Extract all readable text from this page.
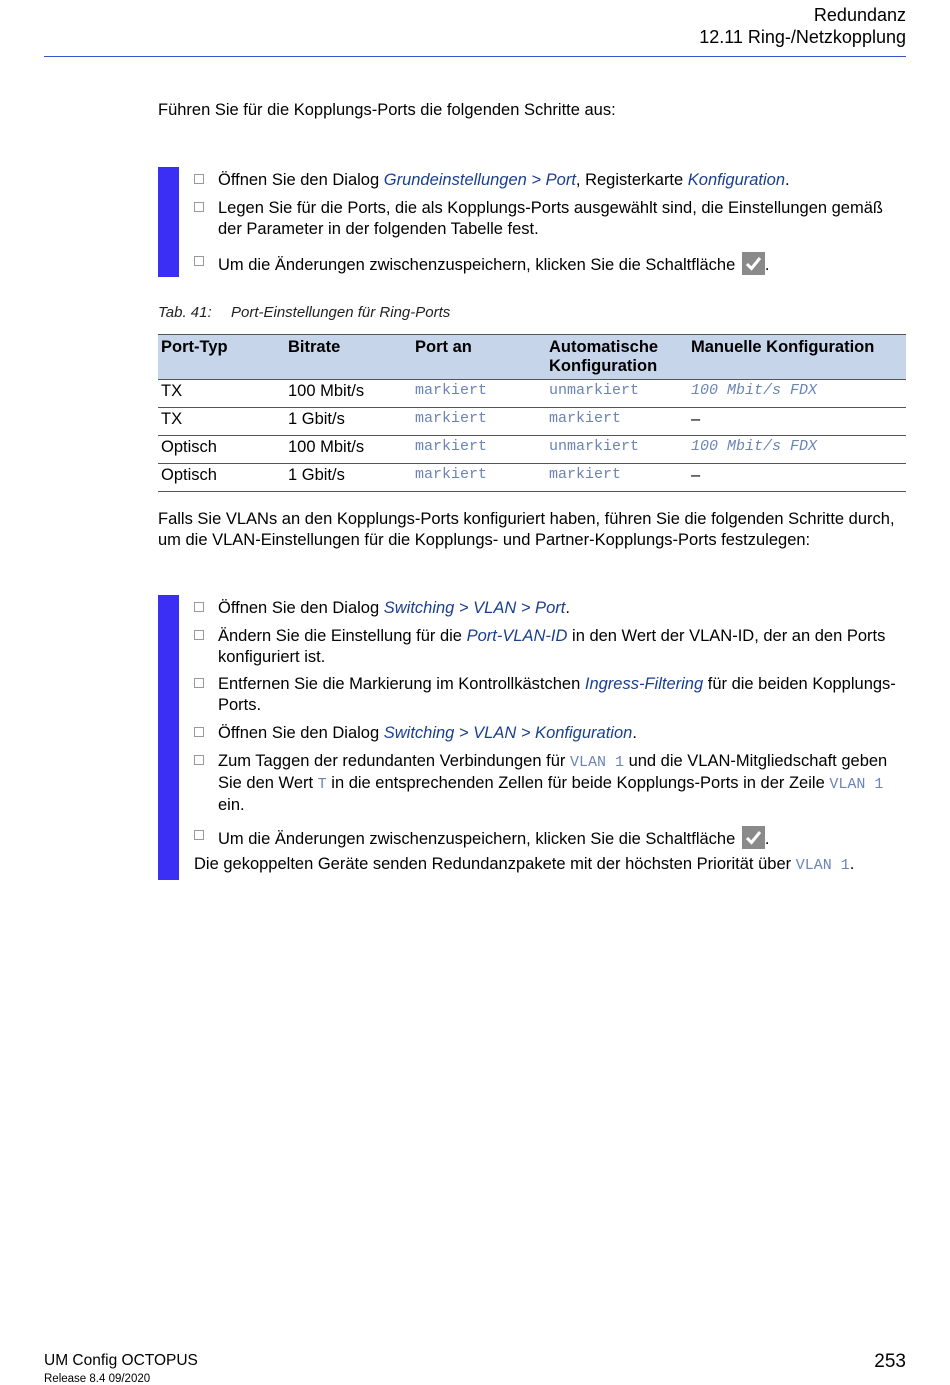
Redundanz
12.11 Ring-/Netzkopplung
Führen Sie für die Kopplungs-Ports die folgenden Schritte aus:
Öffnen Sie den Dialog Grundeinstellungen > Port, Registerkarte Konfiguration.
Legen Sie für die Ports, die als Kopplungs-Ports ausgewählt sind, die Einstellungen gemäß der Parameter in der folgenden Tabelle fest.
Um die Änderungen zwischenzuspeichern, klicken Sie die Schaltfläche
.
Tab. 41: Port-Einstellungen für Ring-Ports
Port-Typ	Bitrate	Port an	Automatische Konfiguration	Manuelle Konfiguration
TX	100 Mbit/s	markiert	unmarkiert	100 Mbit/s FDX
TX	1 Gbit/s	markiert	markiert	–
Optisch	100 Mbit/s	markiert	unmarkiert	100 Mbit/s FDX
Optisch	1 Gbit/s	markiert	markiert	–
Falls Sie VLANs an den Kopplungs-Ports konfiguriert haben, führen Sie die folgenden Schritte durch, um die VLAN-Einstellungen für die Kopplungs- und Partner-Kopplungs-Ports festzulegen:
Öffnen Sie den Dialog Switching > VLAN > Port.
Ändern Sie die Einstellung für die Port-VLAN-ID in den Wert der VLAN-ID, der an den Ports konfiguriert ist.
Entfernen Sie die Markierung im Kontrollkästchen Ingress-Filtering für die beiden Kopplungs-Ports.
Öffnen Sie den Dialog Switching > VLAN > Konfiguration.
Zum Taggen der redundanten Verbindungen für VLAN 1 und die VLAN-Mitgliedschaft geben Sie den Wert T in die entsprechenden Zellen für beide Kopplungs-Ports in der Zeile VLAN 1 ein.
Um die Änderungen zwischenzuspeichern, klicken Sie die Schaltfläche
.
Die gekoppelten Geräte senden Redundanzpakete mit der höchsten Priorität über VLAN 1.
UM Config OCTOPUS
Release 8.4 09/2020
253
